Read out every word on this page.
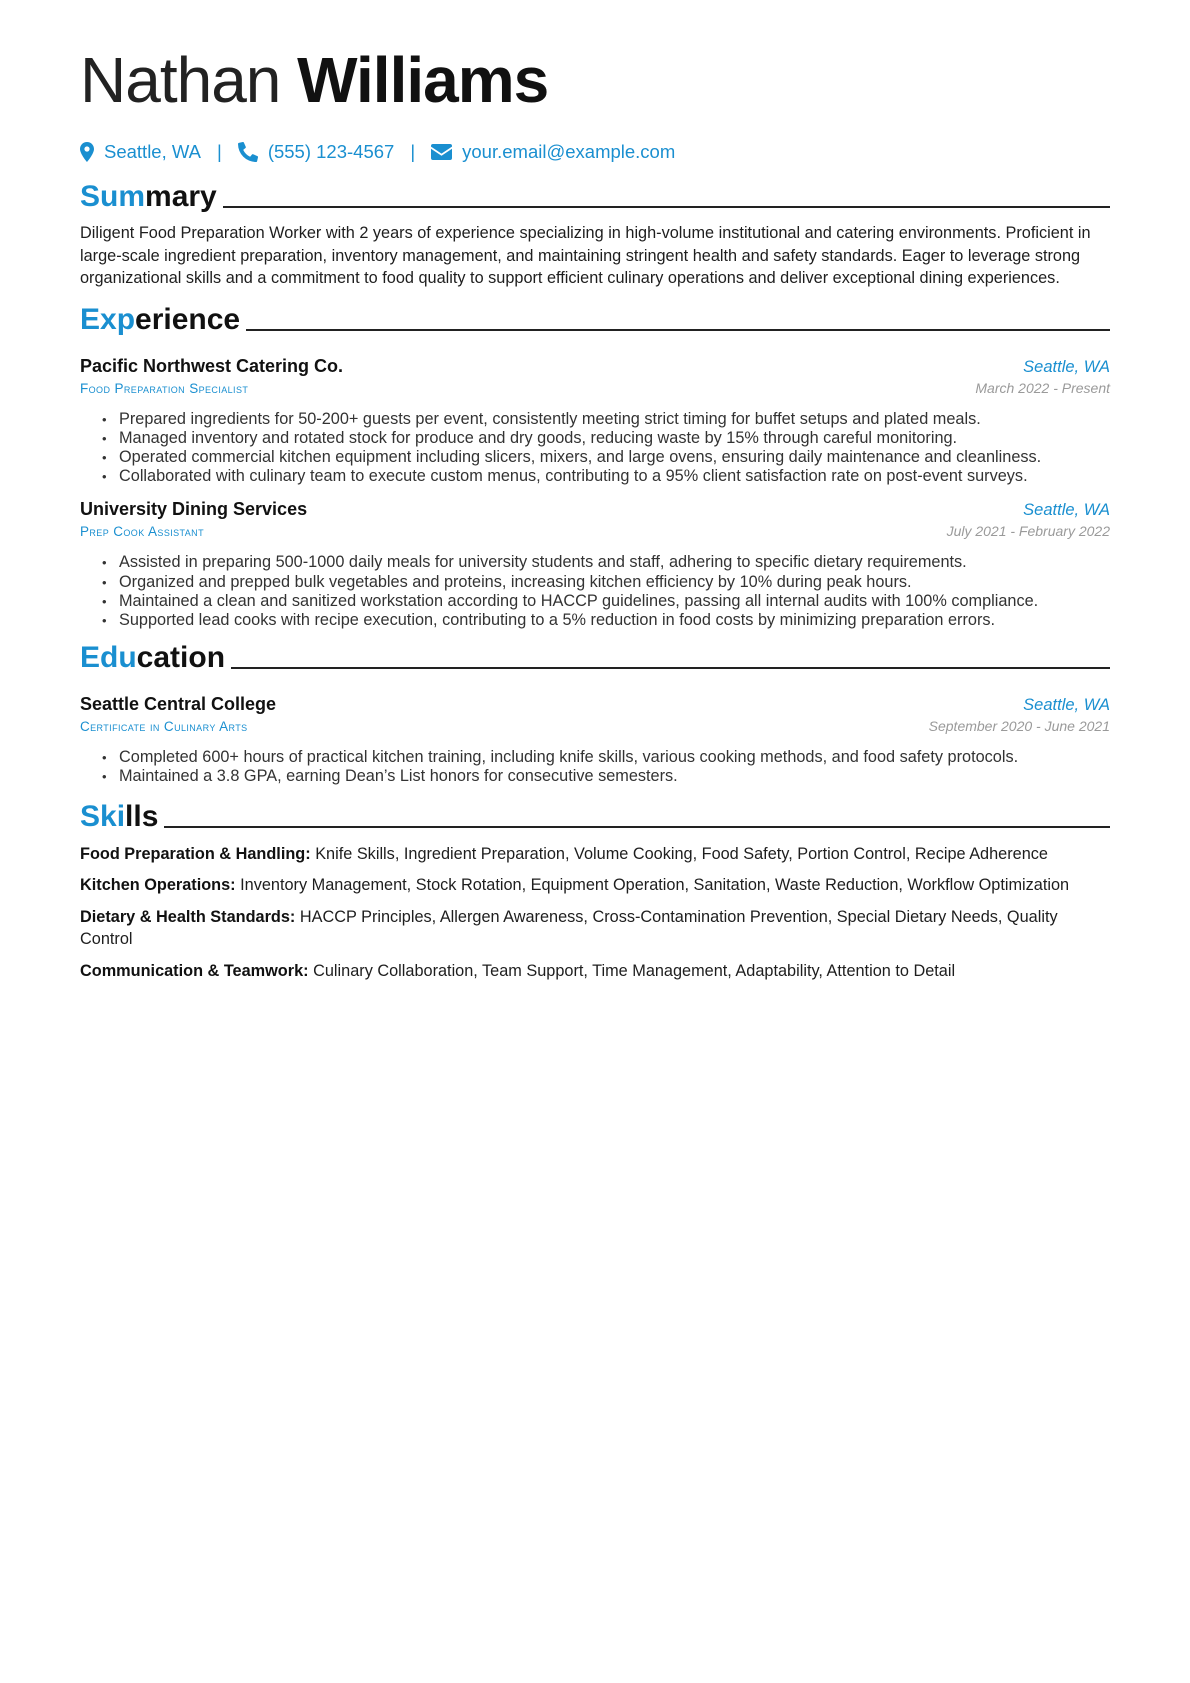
Nathan Williams
Seattle, WA | (555) 123-4567 |	your.email@example.com
Summary

Diligent Food Preparation Worker with 2 years of experience specializing in high-volume institutional and catering environments. Proficient in large-scale ingredient preparation, inventory management, and maintaining stringent health and safety standards. Eager to leverage strong organizational skills and a commitment to food quality to support efficient culinary operations and deliver exceptional dining experiences.

Experience
Pacific Northwest Catering Co.	Seattle, WA
Food Preparation Specialist	March 2022 - Present
• Prepared ingredients for 50-200+ guests per event, consistently meeting strict timing for buffet setups and plated meals.
• Managed inventory and rotated stock for produce and dry goods, reducing waste by 15% through careful monitoring.
• Operated commercial kitchen equipment including slicers, mixers, and large ovens, ensuring daily maintenance and cleanliness.
• Collaborated with culinary team to execute custom menus, contributing to a 95% client satisfaction rate on post-event surveys.
University Dining Services	Seattle, WA
Prep Cook Assistant	July 2021 - February 2022
• Assisted in preparing 500-1000 daily meals for university students and staff, adhering to specific dietary requirements.
• Organized and prepped bulk vegetables and proteins, increasing kitchen efficiency by 10% during peak hours.
• Maintained a clean and sanitized workstation according to HACCP guidelines, passing all internal audits with 100% compliance.
• Supported lead cooks with recipe execution, contributing to a 5% reduction in food costs by minimizing preparation errors.
Education
Seattle Central College	Seattle, WA
Certificate in Culinary Arts	September 2020 - June 2021
• Completed 600+ hours of practical kitchen training, including knife skills, various cooking methods, and food safety protocols.
• Maintained a 3.8 GPA, earning Dean’s List honors for consecutive semesters.
Skills
Food Preparation & Handling: Knife Skills, Ingredient Preparation, Volume Cooking, Food Safety, Portion Control, Recipe Adherence
Kitchen Operations: Inventory Management, Stock Rotation, Equipment Operation, Sanitation, Waste Reduction, Workflow Optimization
Dietary & Health Standards: HACCP Principles, Allergen Awareness, Cross-Contamination Prevention, Special Dietary Needs, Quality Control
Communication & Teamwork: Culinary Collaboration, Team Support, Time Management, Adaptability, Attention to Detail
